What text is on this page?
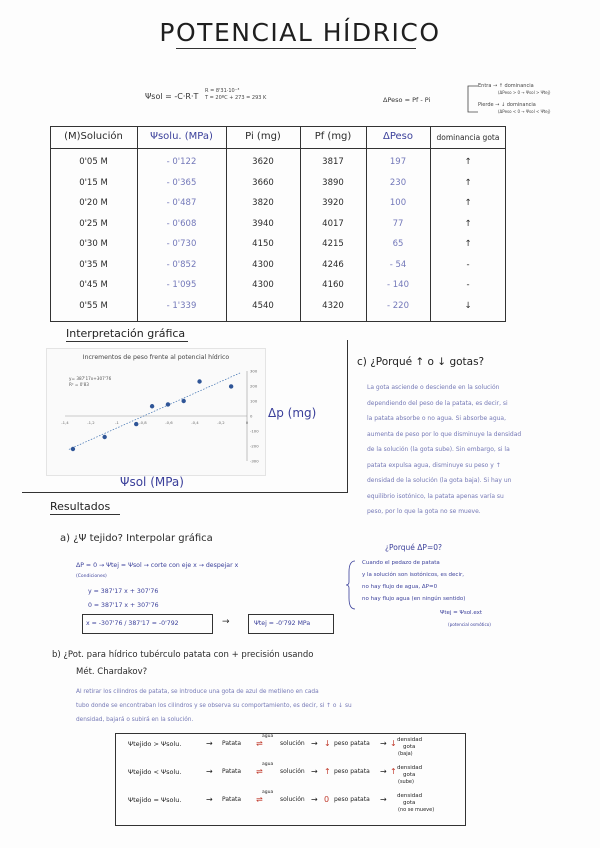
POTENCIAL HÍDRICO
Ψsol = -C·R·T
R = 8'31·10⁻³
T = 20ºC + 273 = 293 K	ΔPeso = Pf - Pi
Entra → ↑ dominancia
(ΔPeso > 0 → Ψsol > Ψtej)
Pierde → ↓ dominancia
(ΔPeso < 0 → Ψsol < Ψtej)
(M)Solución	Ψsolu. (MPa)	Pi (mg)	Pf (mg)	ΔPeso	dominancia gota
0'05 M	- 0'122	3620	3817	197	↑
0'15 M	- 0'365	3660	3890	230	↑
0'20 M	- 0'487	3820	3920	100	↑
0'25 M	- 0'608	3940	4017	77	↑
0'30 M	- 0'730	4150	4215	65	↑
0'35 M	- 0'852	4300	4246	- 54	-
0'45 M	- 1'095	4300	4160	- 140	-
0'55 M	- 1'339	4540	4320	- 220	↓
Interpretación gráfica
Incrementos de peso frente al potencial hídrico
-1,4	-1,2	-1	-0,8	-0,6	-0,4	-0,2	0
300
200
100
0
-100
-200
-300
y= 387'17x+307'76
R² = 0'83
Δp (mg)
Ψsol (MPa)
c) ¿Porqué ↑ o ↓ gotas?
La gota asciende o desciende en la solución
dependiendo del peso de la patata, es decir, si
la patata absorbe o no agua. Si absorbe agua,
aumenta de peso por lo que disminuye la densidad
de la solución (la gota sube). Sin embargo, si la
patata expulsa agua, disminuye su peso y ↑
densidad de la solución (la gota baja). Si hay un
equilibrio isotónico, la patata apenas varía su
peso, por lo que la gota no se mueve.
Resultados
a) ¿Ψ tejido? Interpolar gráfica
ΔP = 0 → Ψtej = Ψsol → corte con eje x → despejar x
(Condiciones)
y = 387'17 x + 307'76
0 = 387'17 x + 307'76
x = -307'76 / 387'17 = -0'792	Ψtej = -0'792 MPa
→
¿Porqué ΔP=0?
Cuando el pedazo de patata
y la solución son isotónicos, es decir,
no hay flujo de agua, ΔP=0
no hay flujo agua (en ningún sentido)
Ψtej = Ψsol.ext
(potencial osmótico)
b) ¿Pot. para hídrico tubérculo patata con + precisión usando
Mét. Chardakov?
Al retirar los cilindros de patata, se introduce una gota de azul de metileno en cada
tubo donde se encontraban los cilindros y se observa su comportamiento, es decir, si ↑ o ↓ su
densidad, bajará o subirá en la solución.
Ψtejido > Ψsolu.	Patata
agua
solución	peso patata	densidad
gota
(baja)
→	⇌	→ ↓	→ ↓
Ψtejido < Ψsolu.	Patata
agua
solución	peso patata	densidad
gota
(sube)
→	⇌	→ ↑	→ ↑
Ψtejido = Ψsolu.	Patata
agua
solución	peso patata	densidad
gota
(no se mueve)
→	⇌	→ 0	→
